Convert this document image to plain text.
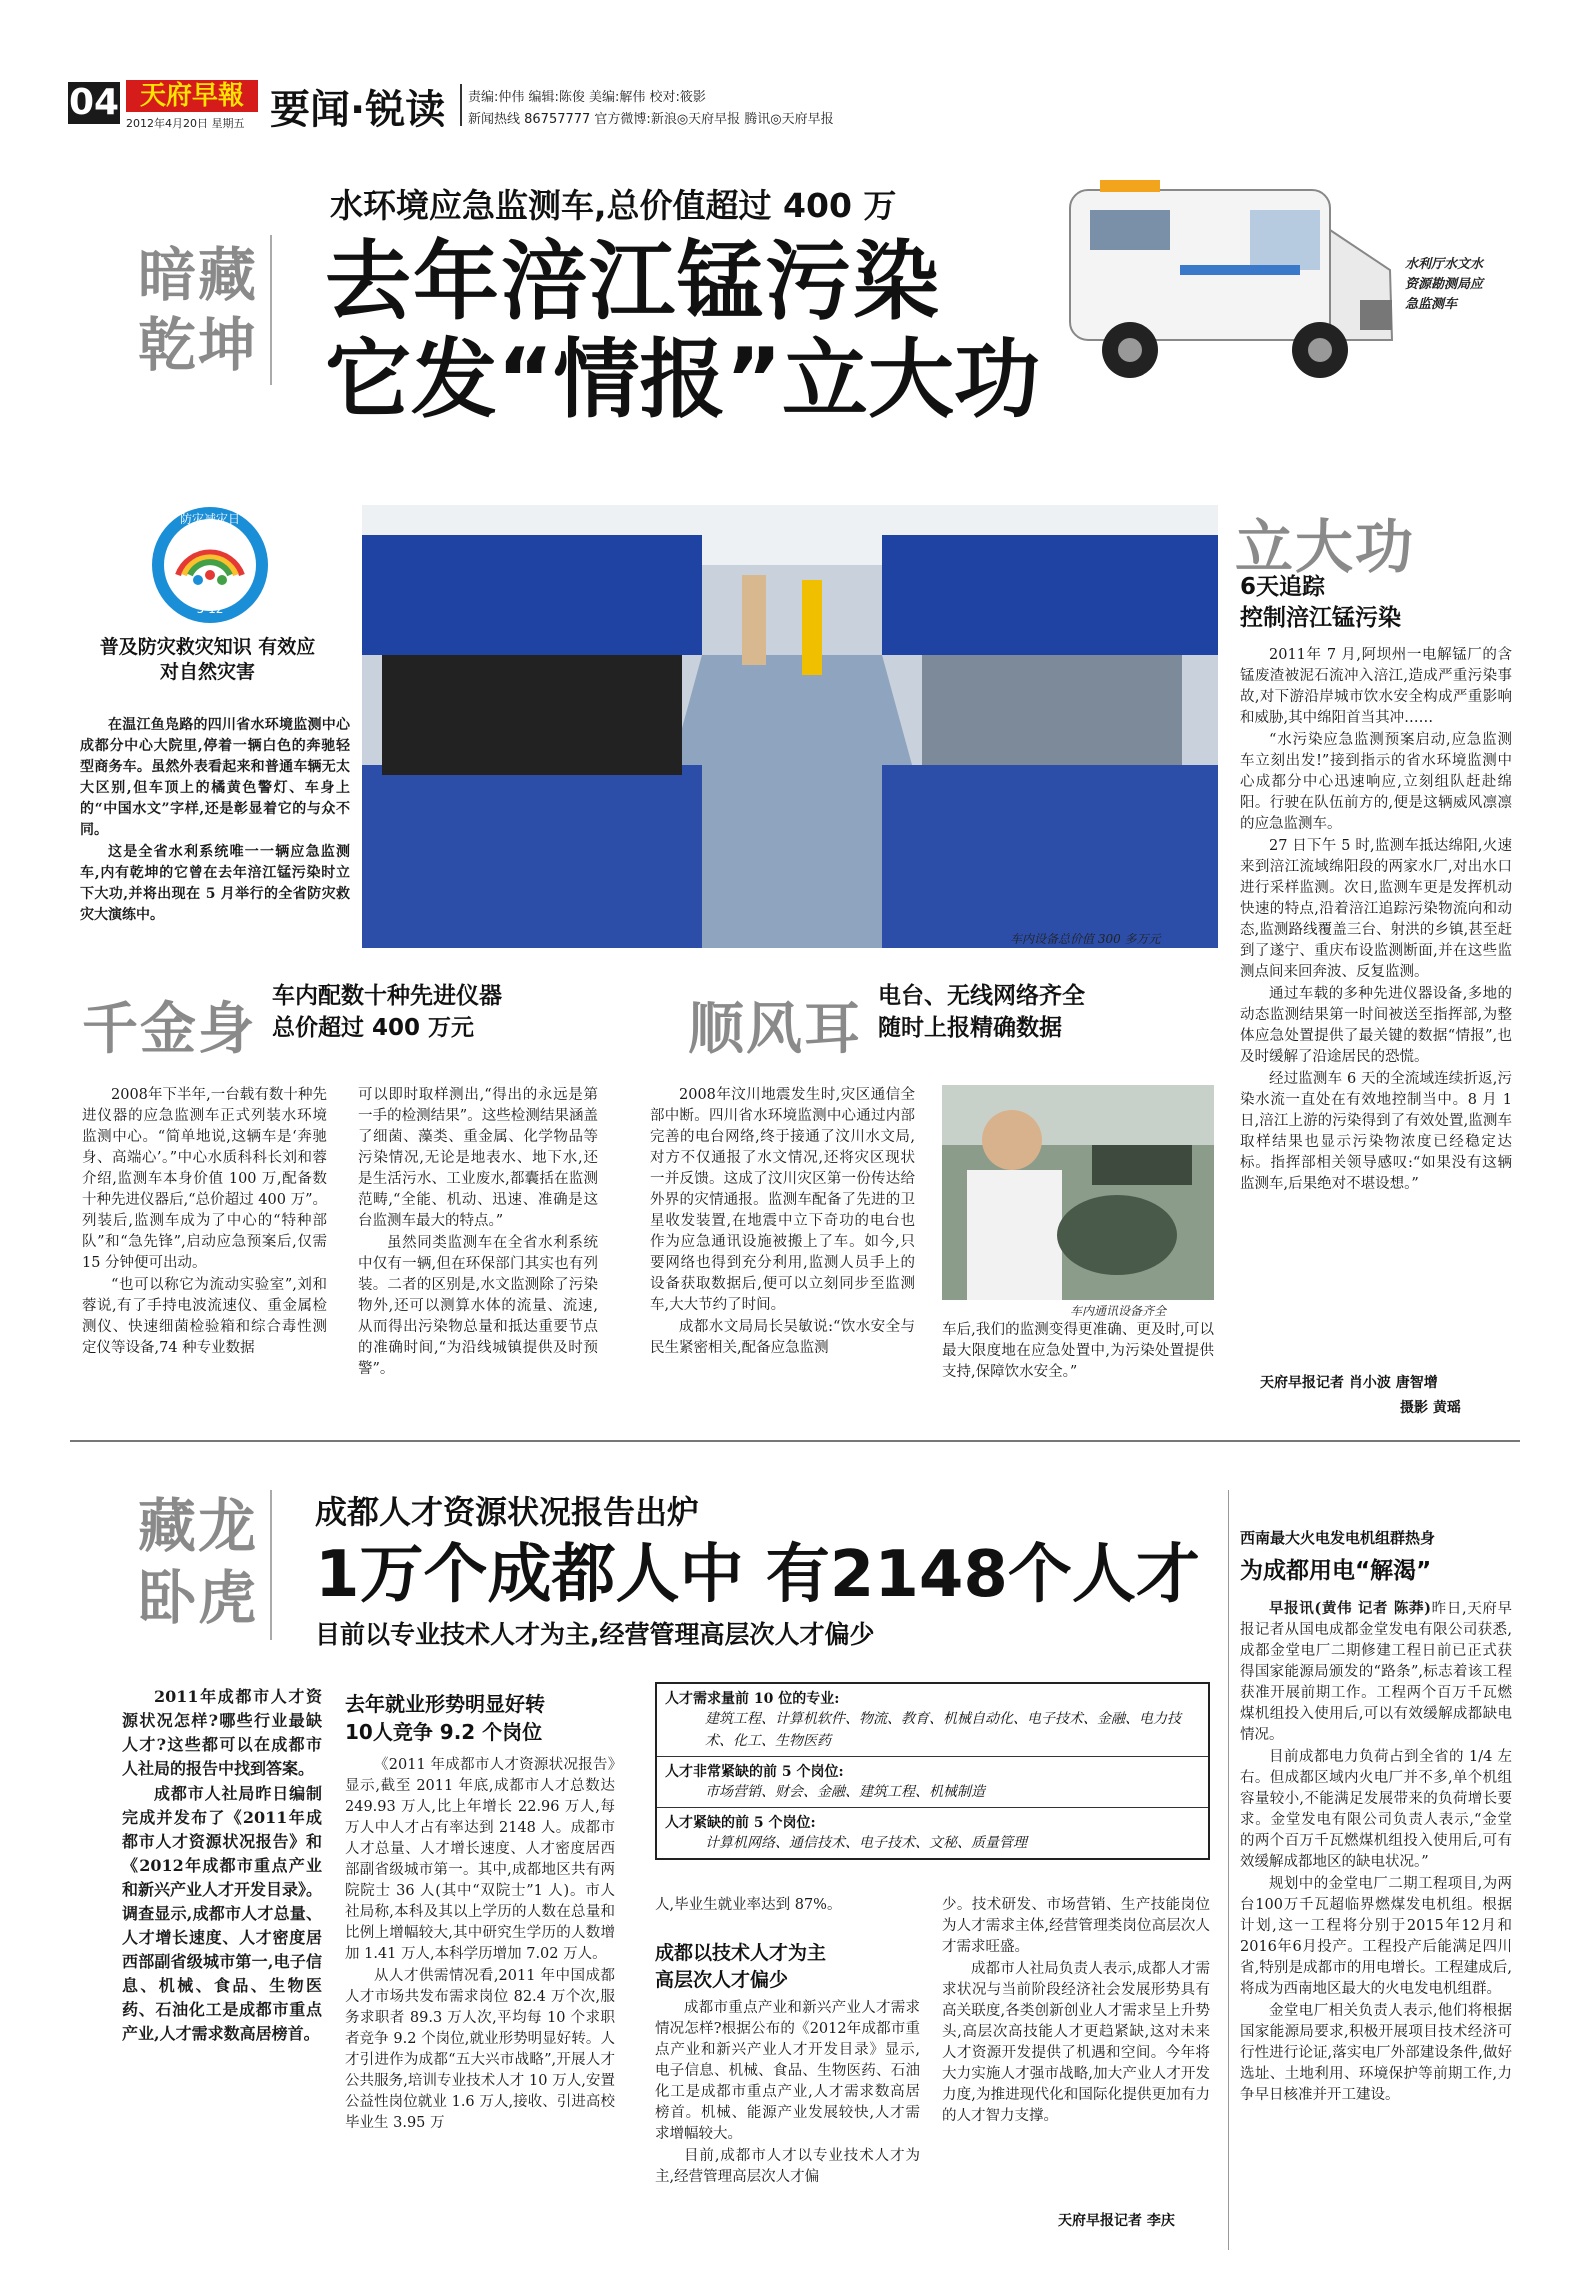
04 天府早報
2012年4月20日 星期五 要闻·锐读 责编:仲伟 编辑:陈俊 美编:解伟 校对:筱影
新闻热线 86757777 官方微博:新浪◎天府早报 腾讯◎天府早报
暗藏乾坤
水环境应急监测车,总价值超过 400 万
去年涪江锰污染
它发“情报”立大功
水利厅水文水资源勘测局应急监测车
防灾减灾日
5·12
普及防灾救灾知识 有效应对自然灾害

在温江鱼凫路的四川省水环境监测中心成都分中心大院里,停着一辆白色的奔驰轻型商务车。虽然外表看起来和普通车辆无太大区别,但车顶上的橘黄色警灯、车身上的“中国水文”字样,还是彰显着它的与众不同。

这是全省水利系统唯一一辆应急监测车,内有乾坤的它曾在去年涪江锰污染时立下大功,并将出现在 5 月举行的全省防灾救灾大演练中。

车内设备总价值 300 多万元
立大功
6天追踪
控制涪江锰污染

2011年 7 月,阿坝州一电解锰厂的含锰废渣被泥石流冲入涪江,造成严重污染事故,对下游沿岸城市饮水安全构成严重影响和威胁,其中绵阳首当其冲……

“水污染应急监测预案启动,应急监测车立刻出发!”接到指示的省水环境监测中心成都分中心迅速响应,立刻组队赶赴绵阳。行驶在队伍前方的,便是这辆威风凛凛的应急监测车。

27 日下午 5 时,监测车抵达绵阳,火速来到涪江流域绵阳段的两家水厂,对出水口进行采样监测。次日,监测车更是发挥机动快速的特点,沿着涪江追踪污染物流向和动态,监测路线覆盖三台、射洪的乡镇,甚至赶到了遂宁、重庆布设监测断面,并在这些监测点间来回奔波、反复监测。

通过车载的多种先进仪器设备,多地的动态监测结果第一时间被送至指挥部,为整体应急处置提供了最关键的数据“情报”,也及时缓解了沿途居民的恐慌。

经过监测车 6 天的全流域连续折返,污染水流一直处在有效地控制当中。8 月 1 日,涪江上游的污染得到了有效处置,监测车取样结果也显示污染物浓度已经稳定达标。指挥部相关领导感叹:“如果没有这辆监测车,后果绝对不堪设想。”

天府早报记者 肖小波 唐智增
摄影 黄瑶
千金身 车内配数十种先进仪器
总价超过 400 万元

2008年下半年,一台载有数十种先进仪器的应急监测车正式列装水环境监测中心。“简单地说,这辆车是‘奔驰身、高端心’。”中心水质科科长刘和蓉介绍,监测车本身价值 100 万,配备数十种先进仪器后,“总价超过 400 万”。列装后,监测车成为了中心的“特种部队”和“急先锋”,启动应急预案后,仅需 15 分钟便可出动。

“也可以称它为流动实验室”,刘和蓉说,有了手持电波流速仪、重金属检测仪、快速细菌检验箱和综合毒性测定仪等设备,74 种专业数据

可以即时取样测出,“得出的永远是第一手的检测结果”。这些检测结果涵盖了细菌、藻类、重金属、化学物品等污染情况,无论是地表水、地下水,还是生活污水、工业废水,都囊括在监测范畴,“全能、机动、迅速、准确是这台监测车最大的特点。”

虽然同类监测车在全省水利系统中仅有一辆,但在环保部门其实也有列装。二者的区别是,水文监测除了污染物外,还可以测算水体的流量、流速,从而得出污染物总量和抵达重要节点的准确时间,“为沿线城镇提供及时预警”。

顺风耳 电台、无线网络齐全
随时上报精确数据

2008年汶川地震发生时,灾区通信全部中断。四川省水环境监测中心通过内部完善的电台网络,终于接通了汶川水文局,对方不仅通报了水文情况,还将灾区现状一并反馈。这成了汶川灾区第一份传达给外界的灾情通报。监测车配备了先进的卫星收发装置,在地震中立下奇功的电台也作为应急通讯设施被搬上了车。如今,只要网络也得到充分利用,监测人员手上的设备获取数据后,便可以立刻同步至监测车,大大节约了时间。

成都水文局局长吴敏说:“饮水安全与民生紧密相关,配备应急监测

车内通讯设备齐全

车后,我们的监测变得更准确、更及时,可以最大限度地在应急处置中,为污染处置提供支持,保障饮水安全。”

藏龙卧虎
成都人才资源状况报告出炉
1万个成都人中 有2148个人才
目前以专业技术人才为主,经营管理高层次人才偏少

2011年成都市人才资源状况怎样?哪些行业最缺人才?这些都可以在成都市人社局的报告中找到答案。

成都市人社局昨日编制完成并发布了《2011年成都市人才资源状况报告》和《2012年成都市重点产业和新兴产业人才开发目录》。调查显示,成都市人才总量、人才增长速度、人才密度居西部副省级城市第一,电子信息、机械、食品、生物医药、石油化工是成都市重点产业,人才需求数高居榜首。

去年就业形势明显好转
10人竞争 9.2 个岗位

《2011 年成都市人才资源状况报告》显示,截至 2011 年底,成都市人才总数达 249.93 万人,比上年增长 22.96 万人,每万人中人才占有率达到 2148 人。成都市人才总量、人才增长速度、人才密度居西部副省级城市第一。其中,成都地区共有两院院士 36 人(其中“双院士”1 人)。市人社局称,本科及其以上学历的人数在总量和比例上增幅较大,其中研究生学历的人数增加 1.41 万人,本科学历增加 7.02 万人。

从人才供需情况看,2011 年中国成都人才市场共发布需求岗位 82.4 万个次,服务求职者 89.3 万人次,平均每 10 个求职者竞争 9.2 个岗位,就业形势明显好转。人才引进作为成都“五大兴市战略”,开展人才公共服务,培训专业技术人才 10 万人,安置公益性岗位就业 1.6 万人,接收、引进高校毕业生 3.95 万

人才需求量前 10 位的专业:
建筑工程、计算机软件、物流、教育、机械自动化、电子技术、金融、电力技术、化工、生物医药
人才非常紧缺的前 5 个岗位:
市场营销、财会、金融、建筑工程、机械制造
人才紧缺的前 5 个岗位:
计算机网络、通信技术、电子技术、文秘、质量管理

人,毕业生就业率达到 87%。

成都以技术人才为主
高层次人才偏少

成都市重点产业和新兴产业人才需求情况怎样?根据公布的《2012年成都市重点产业和新兴产业人才开发目录》显示,电子信息、机械、食品、生物医药、石油化工是成都市重点产业,人才需求数高居榜首。机械、能源产业发展较快,人才需求增幅较大。

目前,成都市人才以专业技术人才为主,经营管理高层次人才偏

少。技术研发、市场营销、生产技能岗位为人才需求主体,经营管理类岗位高层次人才需求旺盛。

成都市人社局负责人表示,成都人才需求状况与当前阶段经济社会发展形势具有高关联度,各类创新创业人才需求呈上升势头,高层次高技能人才更趋紧缺,这对未来人才资源开发提供了机遇和空间。今年将大力实施人才强市战略,加大产业人才开发力度,为推进现代化和国际化提供更加有力的人才智力支撑。

天府早报记者 李庆
西南最大火电发电机组群热身
为成都用电“解渴”

早报讯(黄伟 记者 陈莽)昨日,天府早报记者从国电成都金堂发电有限公司获悉,成都金堂电厂二期修建工程日前已正式获得国家能源局颁发的“路条”,标志着该工程获准开展前期工作。工程两个百万千瓦燃煤机组投入使用后,可以有效缓解成都缺电情况。

目前成都电力负荷占到全省的 1/4 左右。但成都区域内火电厂并不多,单个机组容量较小,不能满足发展带来的负荷增长要求。金堂发电有限公司负责人表示,“金堂的两个百万千瓦燃煤机组投入使用后,可有效缓解成都地区的缺电状况。”

规划中的金堂电厂二期工程项目,为两台100万千瓦超临界燃煤发电机组。根据计划,这一工程将分别于2015年12月和2016年6月投产。工程投产后能满足四川省,特别是成都市的用电增长。工程建成后,将成为西南地区最大的火电发电机组群。

金堂电厂相关负责人表示,他们将根据国家能源局要求,积极开展项目技术经济可行性进行论证,落实电厂外部建设条件,做好选址、土地利用、环境保护等前期工作,力争早日核准并开工建设。
